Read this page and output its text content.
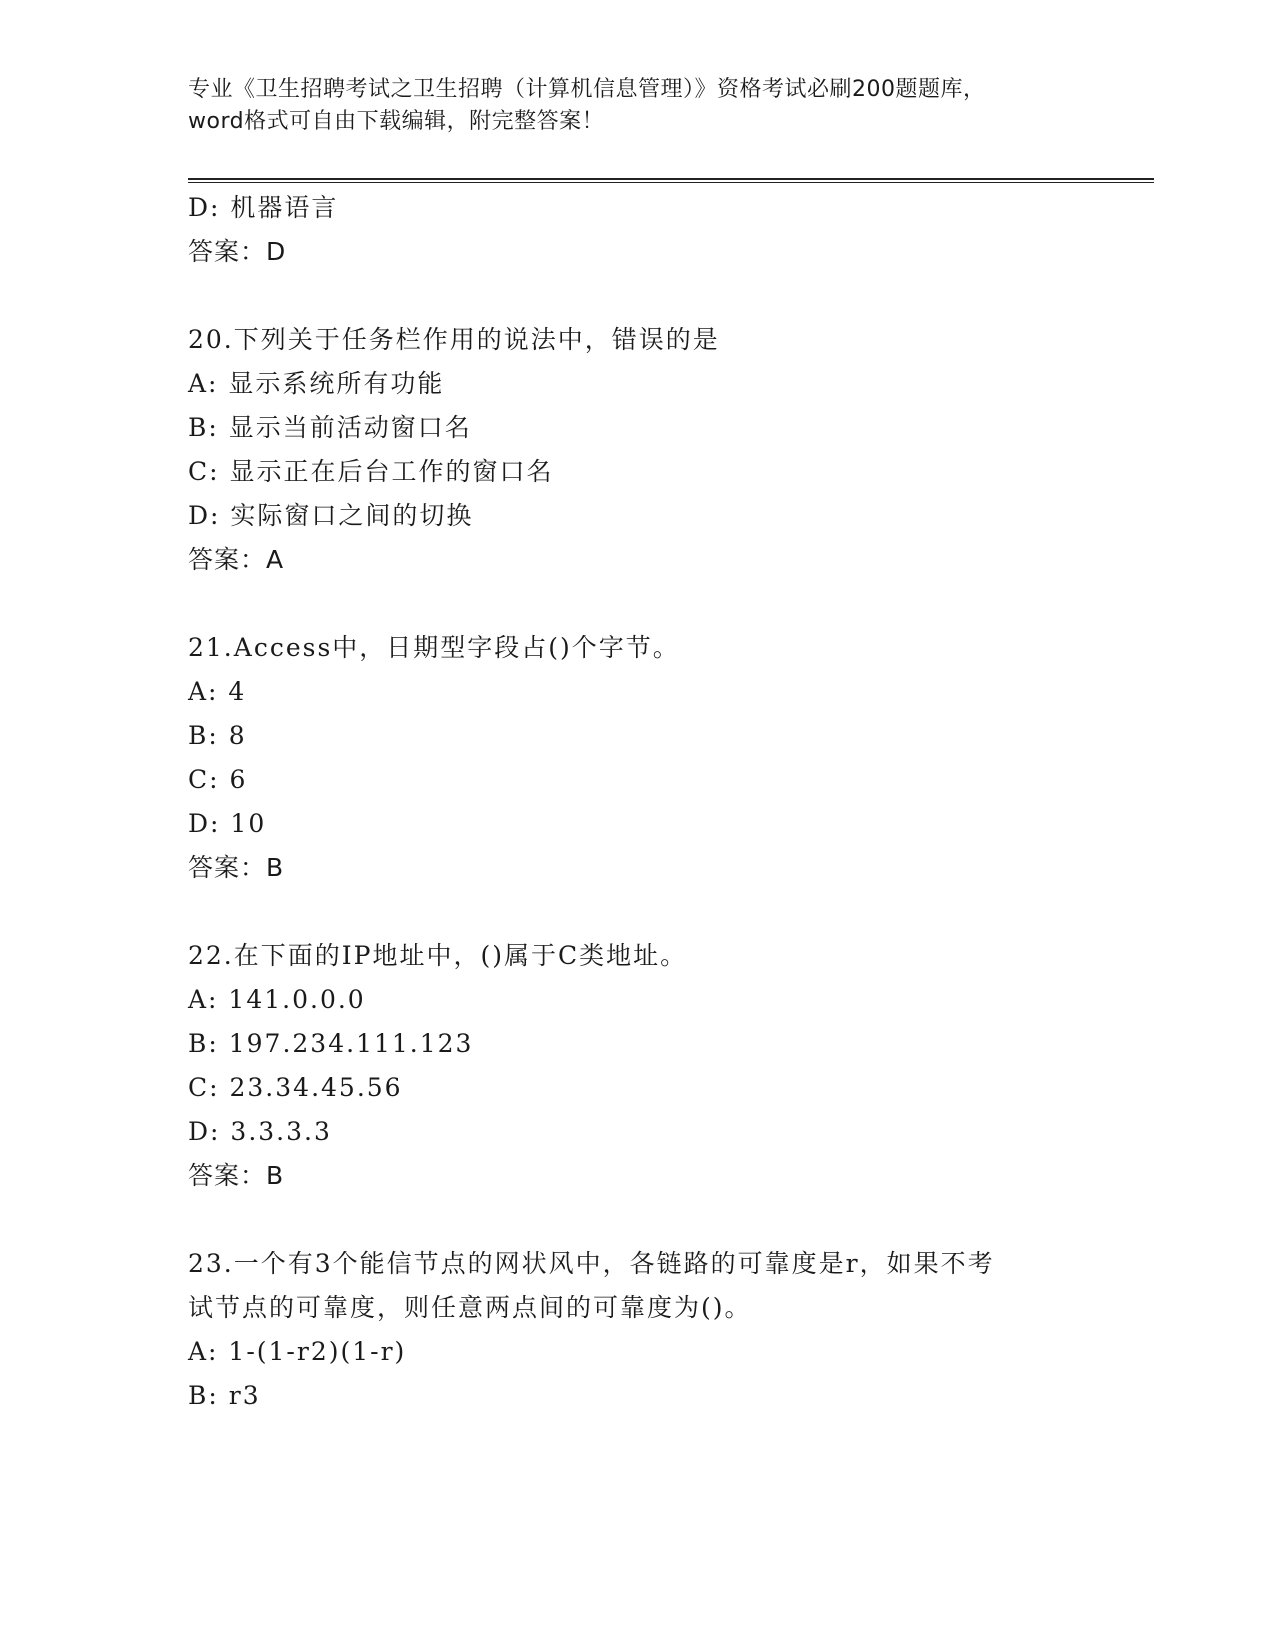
专业《卫生招聘考试之卫生招聘（计算机信息管理）》资格考试必刷200题题库，
word格式可自由下载编辑，附完整答案！
D: 机器语言
答案：D
20.下列关于任务栏作用的说法中，错误的是
A: 显示系统所有功能
B: 显示当前活动窗口名
C: 显示正在后台工作的窗口名
D: 实际窗口之间的切换
答案：A
21.Access中，日期型字段占()个字节。
A: 4
B: 8
C: 6
D: 10
答案：B
22.在下面的IP地址中，()属于C类地址。
A: 141.0.0.0
B: 197.234.111.123
C: 23.34.45.56
D: 3.3.3.3
答案：B
23.一个有3个能信节点的网状风中，各链路的可靠度是r，如果不考
试节点的可靠度，则任意两点间的可靠度为()。
A: 1-(1-r2)(1-r)
B: r3
